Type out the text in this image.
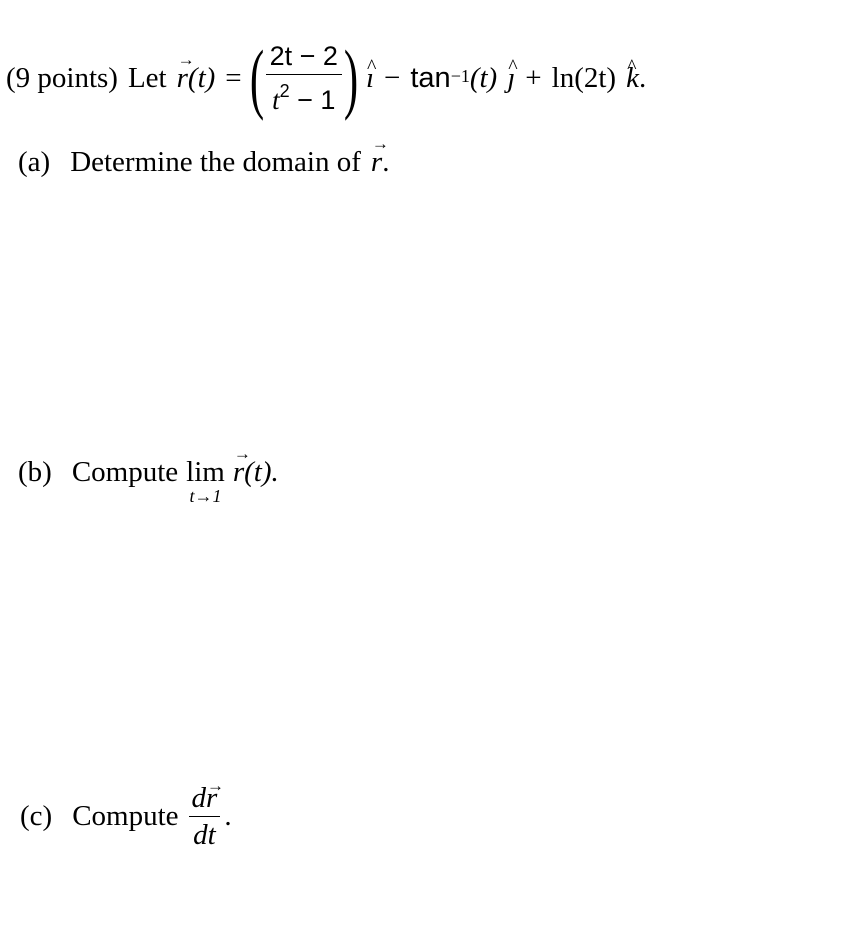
(9 points) Let → r (t) = ( $\frac{2t - 2}{t^2 - 1}$ ) ^ ı − tan −1 (t) ^ ȷ + ln(2t) ^ k .
(a) Determine the domain of → r .
(b) Compute lim
t→1
→ r (t).
(c) Compute $\frac{d\to r}{dt}$ .
